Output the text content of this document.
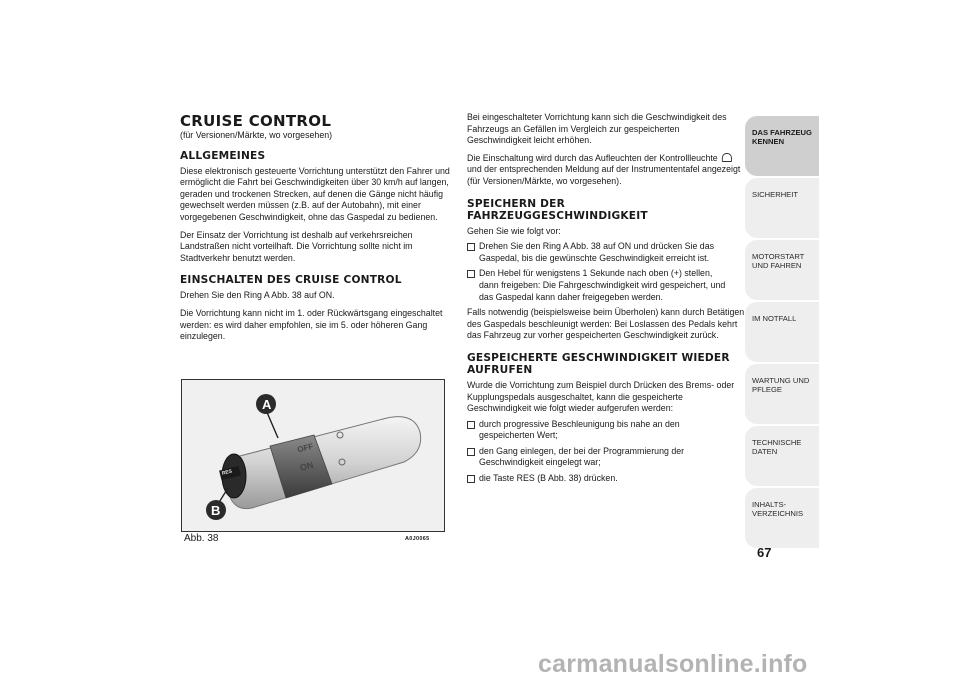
CRUISE CONTROL

(für Versionen/Märkte, wo vorgesehen)

ALLGEMEINES

Diese elektronisch gesteuerte Vorrichtung unterstützt den Fahrer und ermöglicht die Fahrt bei Geschwindigkeiten über 30 km/h auf langen, geraden und trockenen Strecken, auf denen die Gänge nicht häufig gewechselt werden müssen (z.B. auf der Autobahn), mit einer vorgegebenen Geschwindigkeit, ohne das Gaspedal zu bedienen.

Der Einsatz der Vorrichtung ist deshalb auf verkehrsreichen Landstraßen nicht vorteilhaft. Die Vorrichtung sollte nicht im Stadtverkehr benutzt werden.

EINSCHALTEN DES CRUISE CONTROL

Drehen Sie den Ring A Abb. 38 auf ON.

Die Vorrichtung kann nicht im 1. oder Rückwärtsgang eingeschaltet werden: es wird daher empfohlen, sie im 5. oder höheren Gang einzulegen.

RES
OFF
ON
A
B
Abb. 38	A0J0065

Bei eingeschalteter Vorrichtung kann sich die Geschwindigkeit des Fahrzeugs an Gefällen im Vergleich zur gespeicherten Geschwindigkeit leicht erhöhen.

Die Einschaltung wird durch das Aufleuchten der Kontrollleuchte  und der entsprechenden Meldung auf der Instrumententafel angezeigt (für Versionen/Märkte, wo vorgesehen).

SPEICHERN DER FAHRZEUGGESCHWINDIGKEIT

Gehen Sie wie folgt vor:

Drehen Sie den Ring A Abb. 38 auf ON und drücken Sie das Gaspedal, bis die gewünschte Geschwindigkeit erreicht ist.
Den Hebel für wenigstens 1 Sekunde nach oben (+) stellen, dann freigeben: Die Fahrgeschwindigkeit wird gespeichert, und das Gaspedal kann daher freigegeben werden.

Falls notwendig (beispielsweise beim Überholen) kann durch Betätigen des Gaspedals beschleunigt werden: Bei Loslassen des Pedals kehrt das Fahrzeug zur vorher gespeicherten Geschwindigkeit zurück.

GESPEICHERTE GESCHWINDIGKEIT WIEDER AUFRUFEN

Wurde die Vorrichtung zum Beispiel durch Drücken des Brems- oder Kupplungspedals ausgeschaltet, kann die gespeicherte Geschwindigkeit wie folgt wieder aufgerufen werden:

durch progressive Beschleunigung bis nahe an den gespeicherten Wert;
den Gang einlegen, der bei der Programmierung der Geschwindigkeit eingelegt war;
die Taste RES (B Abb. 38) drücken.
DAS FAHRZEUG KENNEN
SICHERHEIT
MOTORSTART UND FAHREN
IM NOTFALL
WARTUNG UND PFLEGE
TECHNISCHE DATEN
INHALTS- VERZEICHNIS
67
carmanualsonline.info
